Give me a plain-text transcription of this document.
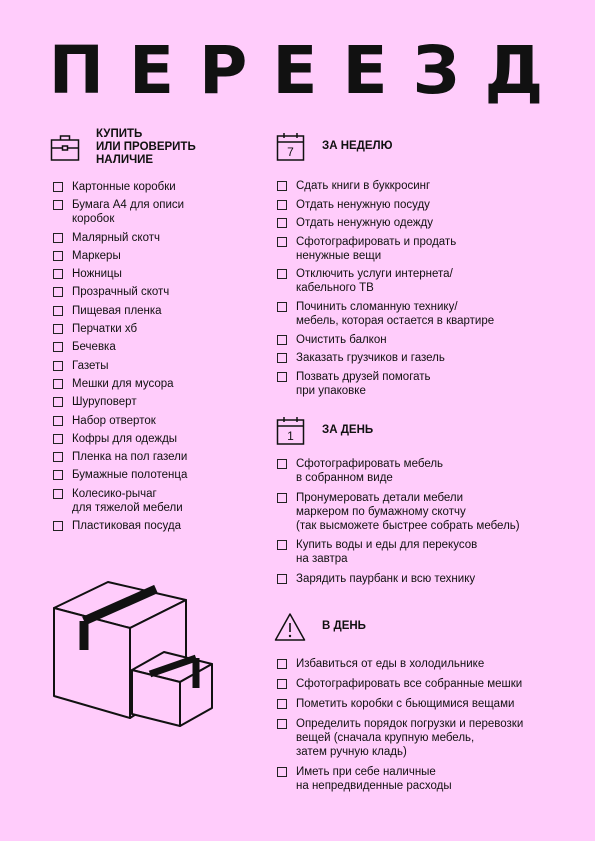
ПЕРЕЕЗД
КУПИТЬ
ИЛИ ПРОВЕРИТЬ
НАЛИЧИЕ
Картонные коробки
Бумага А4 для описи
коробок
Малярный скотч
Маркеры
Ножницы
Прозрачный скотч
Пищевая пленка
Перчатки хб
Бечевка
Газеты
Мешки для мусора
Шуруповерт
Набор отверток
Кофры для одежды
Пленка на пол газели
Бумажные полотенца
Колесико-рычаг
для тяжелой мебели
Пластиковая посуда
7 ЗА НЕДЕЛЮ
Сдать книги в буккросинг
Отдать ненужную посуду
Отдать ненужную одежду
Сфотографировать и продать
ненужные вещи
Отключить услуги интернета/
кабельного ТВ
Починить сломанную технику/
мебель, которая остается в квартире
Очистить балкон
Заказать грузчиков и газель
Позвать друзей помогать
при упаковке
1 ЗА ДЕНЬ
Сфотографировать мебель
в собранном виде
Пронумеровать детали мебели
маркером по бумажному скотчу
(так высможете быстрее собрать мебель)
Купить воды и еды для перекусов
на завтра
Зарядить паурбанк и всю технику
В ДЕНЬ
Избавиться от еды в холодильнике
Сфотографировать все собранные мешки
Пометить коробки с бьющимися вещами
Определить порядок погрузки и перевозки
вещей (сначала крупную мебель,
затем ручную кладь)
Иметь при себе наличные
на непредвиденные расходы
